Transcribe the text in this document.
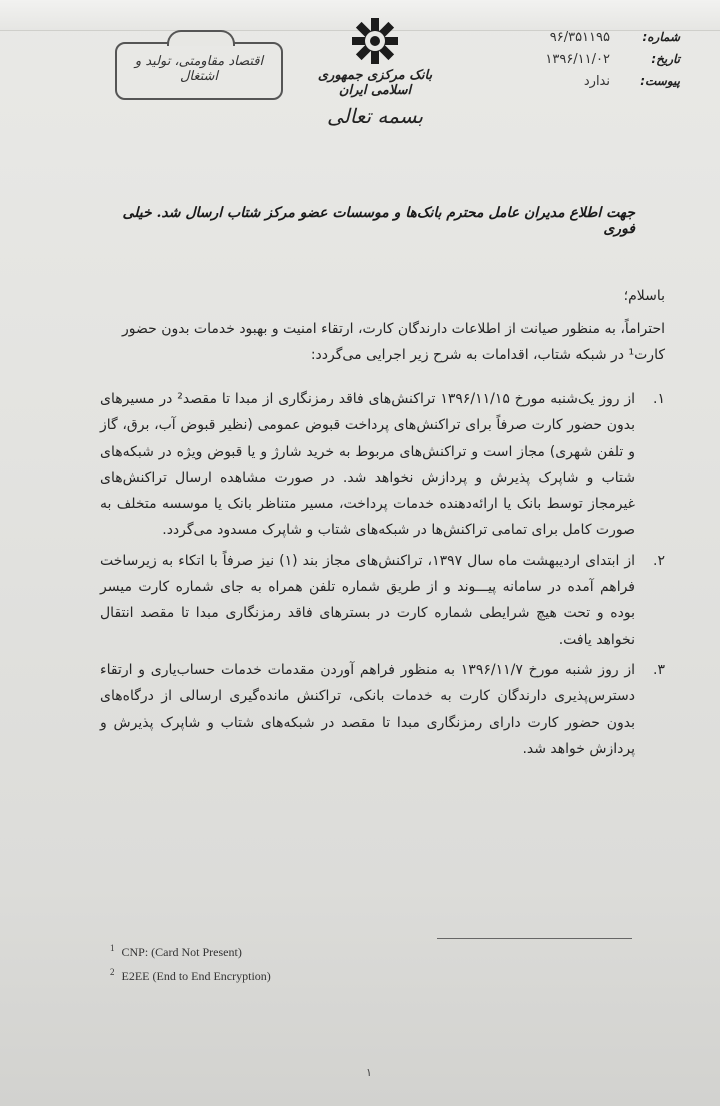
شماره:
۹۶/۳۵۱۱۹۵
تاریخ:
۱۳۹۶/۱۱/۰۲
پیوست:
ندارد
بانک مرکزی جمهوری اسلامی ایران
بسمه تعالی
اقتصاد مقاومتی، تولید و اشتغال
جهت اطلاع مدیران عامل محترم بانک‌ها و موسسات عضو مرکز شتاب ارسال شد. خیلی فوری
باسلام؛
احتراماً، به منظور صیانت از اطلاعات دارندگان کارت، ارتقاء امنیت و بهبود خدمات بدون حضور کارت¹ در شبکه شتاب، اقدامات به شرح زیر اجرایی می‌گردد:
۱.
از روز یک‌شنبه مورخ ۱۳۹۶/۱۱/۱۵ تراکنش‌های فاقد رمزنگاری از مبدا تا مقصد² در مسیرهای بدون حضور کارت صرفاً برای تراکنش‌های پرداخت قبوض عمومی (نظیر قبوض آب، برق، گاز و تلفن شهری) مجاز است و تراکنش‌های مربوط به خرید شارژ و یا قبوض ویژه در شبکه‌های شتاب و شاپرک پذیرش و پردازش نخواهد شد. در صورت مشاهده ارسال تراکنش‌های غیرمجاز توسط بانک یا ارائه‌دهنده خدمات پرداخت، مسیر متناظر بانک یا موسسه متخلف به صورت کامل برای تمامی تراکنش‌ها در شبکه‌های شتاب و شاپرک مسدود می‌گردد.
۲.
از ابتدای اردیبهشت ماه سال ۱۳۹۷، تراکنش‌های مجاز بند (۱) نیز صرفاً با اتکاء به زیرساخت فراهم آمده در سامانه پیـــوند و از طریق شماره تلفن همراه به جای شماره کارت میسر بوده و تحت هیچ شرایطی شماره کارت در بسترهای فاقد رمزنگاری مبدا تا مقصد انتقال نخواهد یافت.
۳.
از روز شنبه مورخ ۱۳۹۶/۱۱/۷ به منظور فراهم آوردن مقدمات خدمات حساب‌یاری و ارتقاء دسترس‌پذیری دارندگان کارت به خدمات بانکی، تراکنش مانده‌گیری ارسالی از درگاه‌های بدون حضور کارت دارای رمزنگاری مبدا تا مقصد در شبکه‌های شتاب و شاپرک پذیرش و پردازش خواهد شد.
$^1$ CNP: (Card Not Present)
$^2$ E2EE (End to End Encryption)
۱
